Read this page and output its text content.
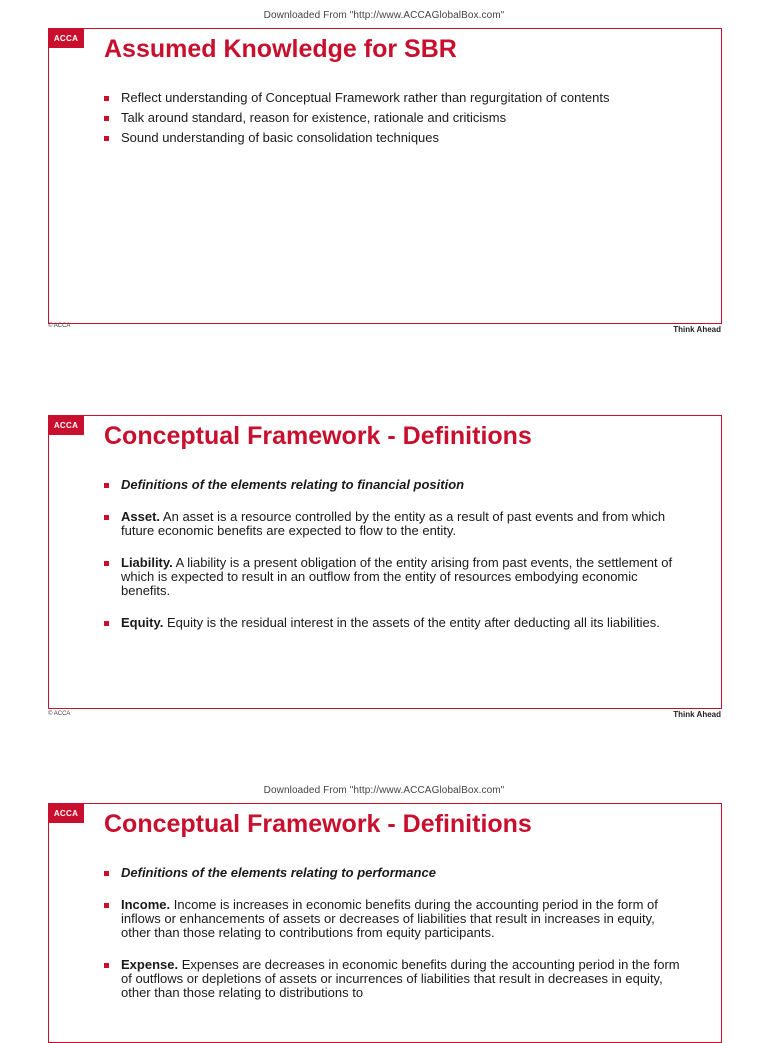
Downloaded From "http://www.ACCAGlobalBox.com"
ACCA Assumed Knowledge for SBR
Reflect understanding of Conceptual Framework rather than regurgitation of contents
Talk around standard, reason for existence, rationale and criticisms
Sound understanding of basic consolidation techniques
Think Ahead
© ACCA
ACCA Conceptual Framework - Definitions
Definitions of the elements relating to financial position
Asset. An asset is a resource controlled by the entity as a result of past events and from which future economic benefits are expected to flow to the entity.
Liability. A liability is a present obligation of the entity arising from past events, the settlement of which is expected to result in an outflow from the entity of resources embodying economic benefits.
Equity. Equity is the residual interest in the assets of the entity after deducting all its liabilities.
Think Ahead
© ACCA
Downloaded From "http://www.ACCAGlobalBox.com"
ACCA Conceptual Framework - Definitions
Definitions of the elements relating to performance
Income. Income is increases in economic benefits during the accounting period in the form of inflows or enhancements of assets or decreases of liabilities that result in increases in equity, other than those relating to contributions from equity participants.
Expense. Expenses are decreases in economic benefits during the accounting period in the form of outflows or depletions of assets or incurrences of liabilities that result in decreases in equity, other than those relating to distributions to
